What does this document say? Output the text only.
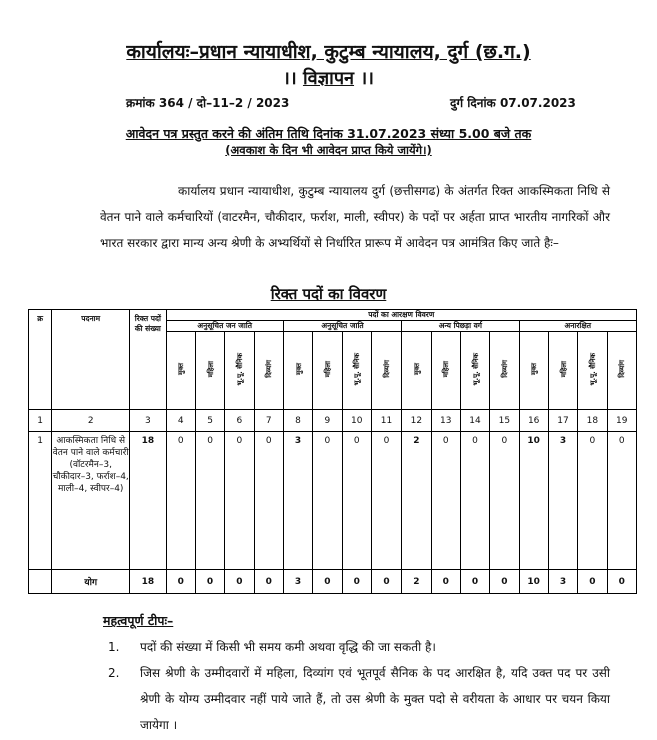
कार्यालयः–प्रधान न्यायाधीश, कुटुम्ब न्यायालय, दुर्ग (छ.ग.)
।। विज्ञापन ।।
क्रमांक 364 / दो–11–2 / 2023	दुर्ग दिनांक 07.07.2023
आवेदन पत्र प्रस्तुत करने की अंतिम तिथि दिनांक 31.07.2023 संध्या 5.00 बजे तक
(अवकाश के दिन भी आवेदन प्राप्त किये जायेंगे।)
कार्यालय प्रधान न्यायाधीश, कुटुम्ब न्यायालय दुर्ग (छत्तीसगढ) के अंतर्गत रिक्त आकस्मिकता निधि से वेतन पाने वाले कर्मचारियों (वाटरमैन, चौकीदार, फर्राश, माली, स्वीपर) के पदों पर अर्हता प्राप्त भारतीय नागरिकों और भारत सरकार द्वारा मान्य अन्य श्रेणी के अभ्यर्थियों से निर्धारित प्रारूप में आवेदन पत्र आमंत्रित किए जाते हैः–
रिक्त पदों का विवरण
क्र	पदनाम	रिक्त पदों की संख्या	पदों का आरक्षण विवरण															
			अनुसूचित जन जाति				अनुसूचित जाति				अन्य पिछड़ा वर्ग				अनारक्षित			
			मुक्त	महिला	भू.पू. सैनिक	दिव्यांग	मुक्त	महिला	भू.पू. सैनिक	दिव्यांग	मुक्त	महिला	भू.पू. सैनिक	दिव्यांग	मुक्त	महिला	भू.पू. सैनिक	दिव्यांग
1	2	3	4	5	6	7	8	9	10	11	12	13	14	15	16	17	18	19
1	आकस्मिकता निधि से वेतन पाने वाले कर्मचारी (वॉटरमैन–3, चौकीदार–3, फर्राश–4, माली–4, स्वीपर–4)	18	0	0	0	0	3	0	0	0	2	0	0	0	10	3	0	0
	योग	18	0	0	0	0	3	0	0	0	2	0	0	0	10	3	0	0
महत्वपूर्ण टीपः–
1. पदों की संख्या में किसी भी समय कमी अथवा वृद्धि की जा सकती है।
2. जिस श्रेणी के उम्मीदवारों में महिला, दिव्यांग एवं भूतपूर्व सैनिक के पद आरक्षित है, यदि उक्त पद पर उसी श्रेणी के योग्य उम्मीदवार नहीं पाये जाते हैं, तो उस श्रेणी के मुक्त पदो से वरीयता के आधार पर चयन किया जायेगा ।
